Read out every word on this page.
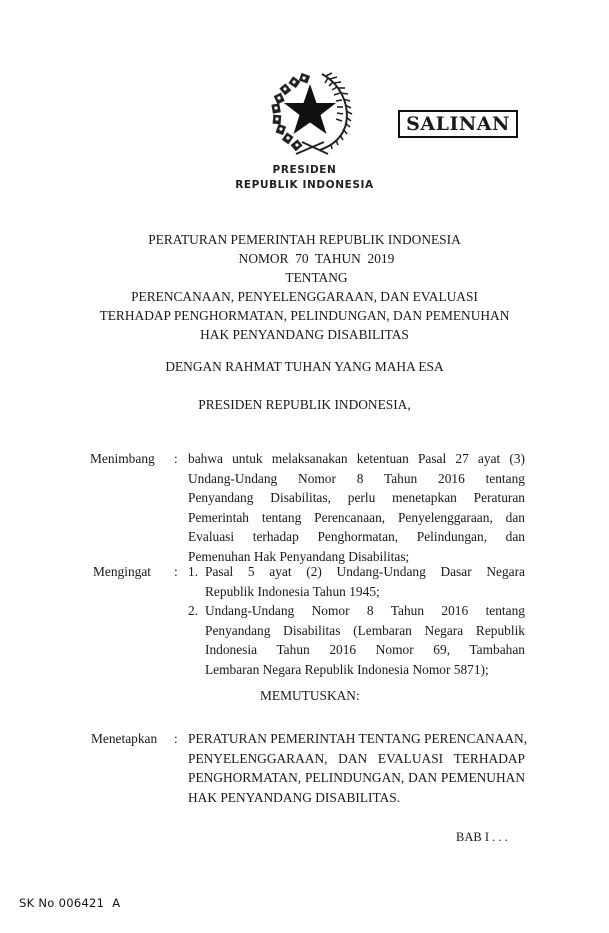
SALINAN
PRESIDEN
REPUBLIK INDONESIA
PERATURAN PEMERINTAH REPUBLIK INDONESIA
NOMOR  70  TAHUN  2019
TENTANG
PERENCANAAN, PENYELENGGARAAN, DAN EVALUASI
TERHADAP PENGHORMATAN, PELINDUNGAN, DAN PEMENUHAN
HAK PENYANDANG DISABILITAS
DENGAN RAHMAT TUHAN YANG MAHA ESA
PRESIDEN REPUBLIK INDONESIA,
Menimbang : bahwa untuk melaksanakan ketentuan Pasal 27 ayat (3)
Undang-Undang Nomor 8 Tahun 2016 tentang
Penyandang Disabilitas, perlu menetapkan Peraturan
Pemerintah tentang Perencanaan, Penyelenggaraan, dan
Evaluasi terhadap Penghormatan, Pelindungan, dan
Pemenuhan Hak Penyandang Disabilitas;
Mengingat : 1. Pasal 5 ayat (2) Undang-Undang Dasar Negara
Republik Indonesia Tahun 1945;
2. Undang-Undang Nomor 8 Tahun 2016 tentang
Penyandang Disabilitas (Lembaran Negara Republik
Indonesia Tahun 2016 Nomor 69, Tambahan
Lembaran Negara Republik Indonesia Nomor 5871);
MEMUTUSKAN:
Menetapkan : PERATURAN PEMERINTAH TENTANG PERENCANAAN,
PENYELENGGARAAN, DAN EVALUASI TERHADAP
PENGHORMATAN, PELINDUNGAN, DAN PEMENUHAN
HAK PENYANDANG DISABILITAS.
BAB I . . .
SK No 006421  A
